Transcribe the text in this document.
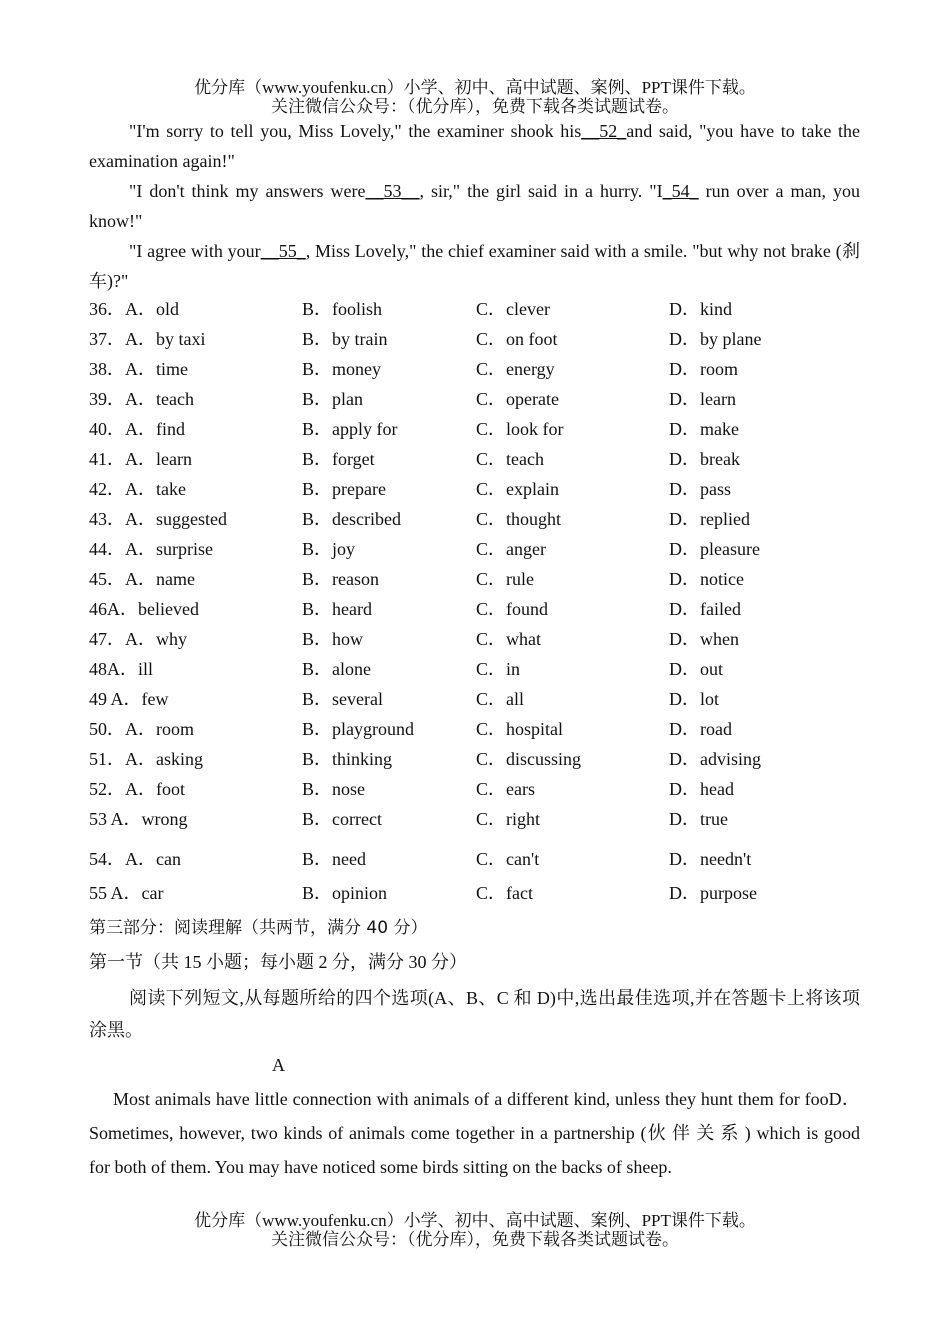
优分库（www.youfenku.cn）小学、初中、高中试题、案例、PPT课件下载。
关注微信公众号：（优分库），免费下载各类试题试卷。
"I'm sorry to tell you, Miss Lovely," the examiner shook his__52_and said, "you have to take the examination again!"
"I don't think my answers were__53__, sir," the girl said in a hurry. "I_54_ run over a man, you know!"
"I agree with your__55_, Miss Lovely," the chief examiner said with a smile. "but why not brake (刹车)?"
36．A．old	B．foolish	C．clever	D．kind
37．A．by taxi	B．by train	C．on foot	D．by plane
38．A．time	B．money	C．energy	D．room
39．A．teach	B．plan	C．operate	D．learn
40．A．find	B．apply for	C．look for	D．make
41．A．learn	B．forget	C．teach	D．break
42．A．take	B．prepare	C．explain	D．pass
43．A．suggested	B．described	C．thought	D．replied
44．A．surprise	B．joy	C．anger	D．pleasure
45．A．name	B．reason	C．rule	D．notice
46A．believed	B．heard	C．found	D．failed
47．A．why	B．how	C．what	D．when
48A．ill	B．alone	C．in	D．out
49 A．few	B．several	C．all	D．lot
50．A．room	B．playground	C．hospital	D．road
51．A．asking	B．thinking	C．discussing	D．advising
52．A．foot	B．nose	C．ears	D．head
53 A．wrong	B．correct	C．right	D．true
54．A．can	B．need	C．can't	D．needn't
55 A．car	B．opinion	C．fact	D．purpose
第三部分：阅读理解（共两节，满分 40 分）
第一节（共 15 小题；每小题 2 分，满分 30 分）
阅读下列短文,从每题所给的四个选项(A、B、C 和 D)中,选出最佳选项,并在答题卡上将该项涂黑。
A
Most animals have little connection with animals of a different kind, unless they hunt them for fooD．Sometimes, however, two kinds of animals come together in a partnership (伙伴关系) which is good for both of them. You may have noticed some birds sitting on the backs of sheep.
优分库（www.youfenku.cn）小学、初中、高中试题、案例、PPT课件下载。
关注微信公众号：（优分库），免费下载各类试题试卷。
